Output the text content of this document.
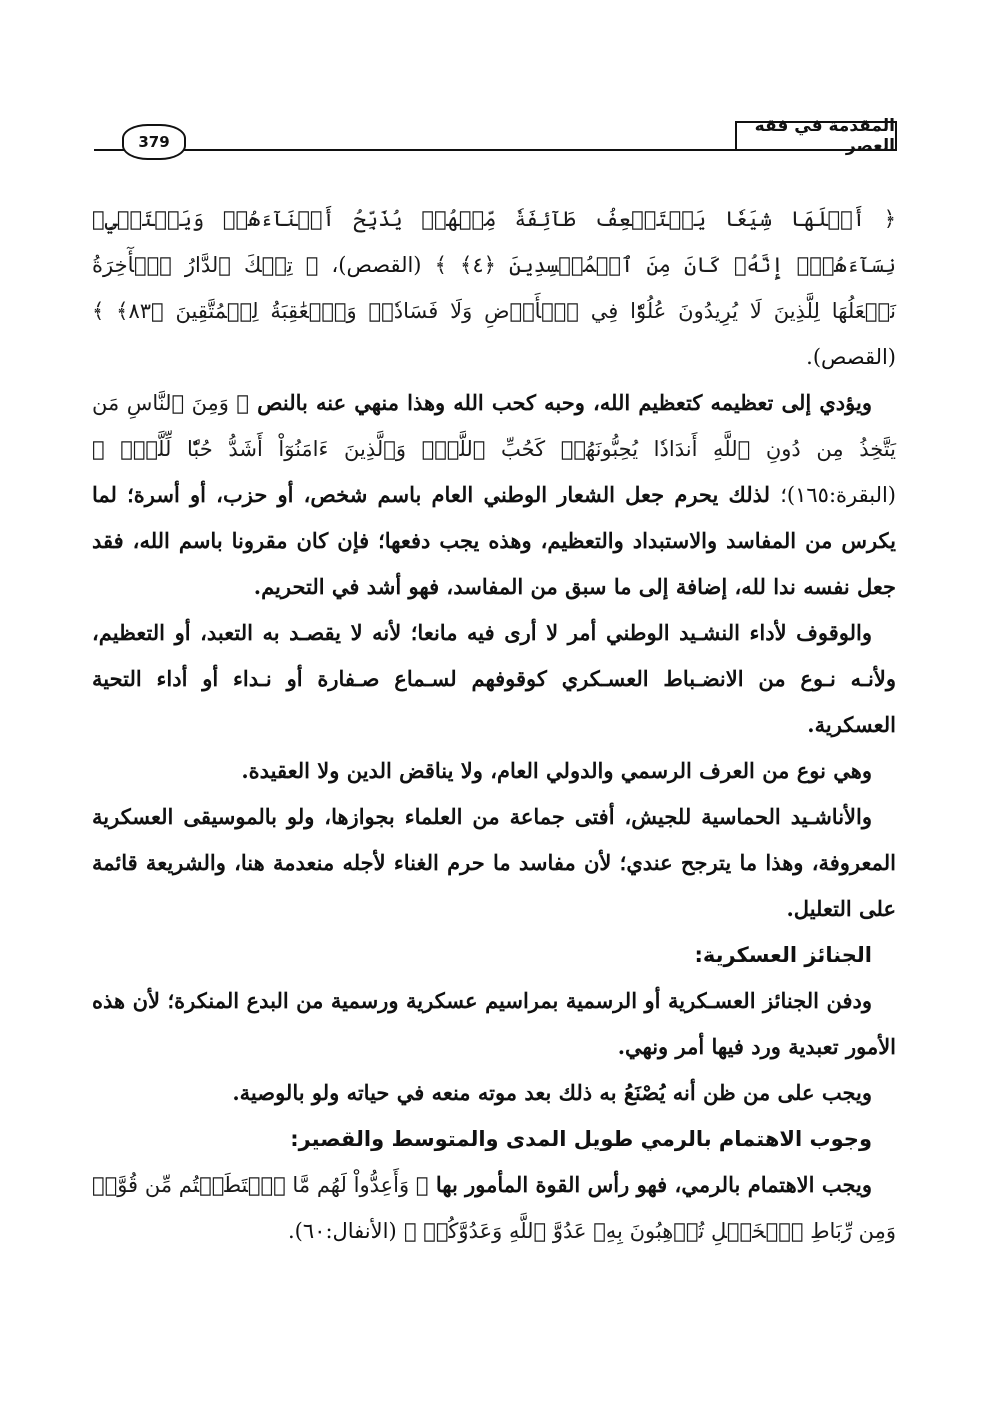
المقدمة في فقه العصر
379

﴿ أَهۡلَهَا شِيَعٗا يَسۡتَضۡعِفُ طَآئِفَةٗ مِّنۡهُمۡ يُذَبِّحُ أَبۡنَآءَهُمۡ وَيَسۡتَحۡيِۦ نِسَآءَهُمۡۚ إِنَّهُۥ كَانَ مِنَ ٱلۡمُفۡسِدِينَ ﴿٤﴾ ﴾ (القصص)، ﴿ تِلۡكَ ٱلدَّارُ ٱلۡأٓخِرَةُ نَجۡعَلُهَا لِلَّذِينَ لَا يُرِيدُونَ عُلُوّٗا فِي ٱلۡأَرۡضِ وَلَا فَسَادٗاۚ وَٱلۡعَٰقِبَةُ لِلۡمُتَّقِينَ ﴿٨٣﴾ ﴾ (القصص).

ويؤدي إلى تعظيمه كتعظيم الله، وحبه كحب الله وهذا منهي عنه بالنص ﴿ وَمِنَ ٱلنَّاسِ مَن يَتَّخِذُ مِن دُونِ ٱللَّهِ أَندَادٗا يُحِبُّونَهُمۡ كَحُبِّ ٱللَّهِۖ وَٱلَّذِينَ ءَامَنُوٓاْ أَشَدُّ حُبّٗا لِّلَّهِۗ ﴾ (البقرة:١٦٥)؛ لذلك يحرم جعل الشعار الوطني العام باسم شخص، أو حزب، أو أسرة؛ لما يكرس من المفاسد والاستبداد والتعظيم، وهذه يجب دفعها؛ فإن كان مقرونا باسم الله، فقد جعل نفسه ندا لله، إضافة إلى ما سبق من المفاسد، فهو أشد في التحريم.

والوقوف لأداء النشـيد الوطني أمر لا أرى فيه مانعا؛ لأنه لا يقصـد به التعبد، أو التعظيم، ولأنـه نـوع من الانضـباط العسـكري كوقوفهم لسـماع صـفارة أو نـداء أو أداء التحية العسكرية.

وهي نوع من العرف الرسمي والدولي العام، ولا يناقض الدين ولا العقيدة.

والأناشـيد الحماسية للجيش، أفتى جماعة من العلماء بجوازها، ولو بالموسيقى العسكرية المعروفة، وهذا ما يترجح عندي؛ لأن مفاسد ما حرم الغناء لأجله منعدمة هنا، والشريعة قائمة على التعليل.

الجنائز العسكرية:

ودفن الجنائز العسـكرية أو الرسمية بمراسيم عسكرية ورسمية من البدع المنكرة؛ لأن هذه الأمور تعبدية ورد فيها أمر ونهي.

ويجب على من ظن أنه يُصْنَعُ به ذلك بعد موته منعه في حياته ولو بالوصية.

وجوب الاهتمام بالرمي طويل المدى والمتوسط والقصير:

ويجب الاهتمام بالرمي، فهو رأس القوة المأمور بها ﴿ وَأَعِدُّواْ لَهُم مَّا ٱسۡتَطَعۡتُم مِّن قُوَّةٖ وَمِن رِّبَاطِ ٱلۡخَيۡلِ تُرۡهِبُونَ بِهِۦ عَدُوَّ ٱللَّهِ وَعَدُوَّكُمۡ ﴾ (الأنفال:٦٠).
